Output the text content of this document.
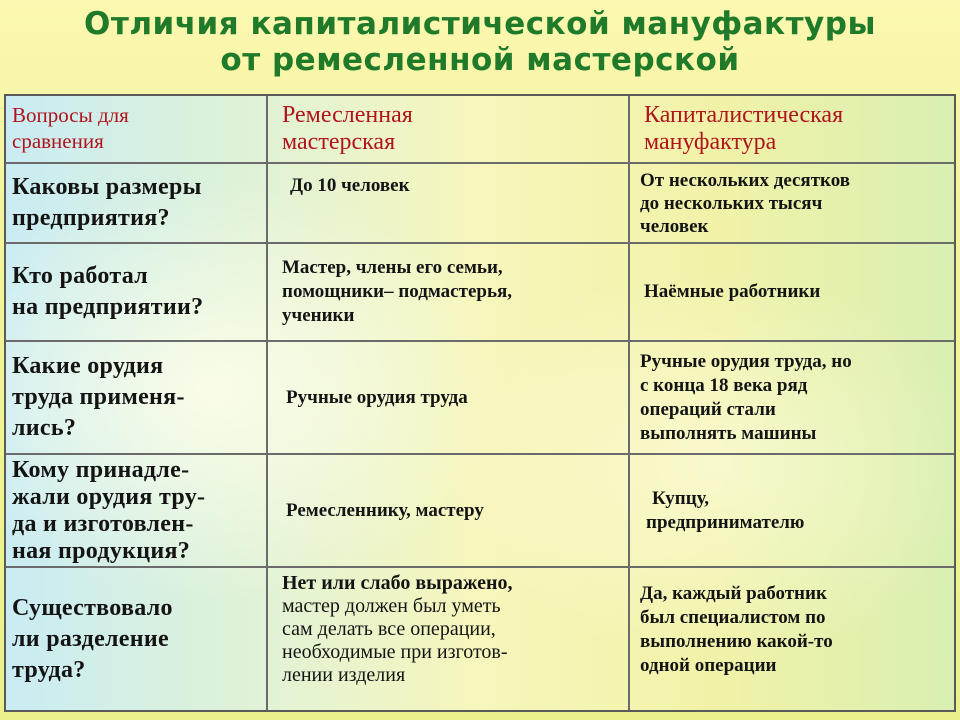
Отличия капиталистической мануфактуры
от ремесленной мастерской
Вопросы для
сравнения
Ремесленная
мастерская
Капиталистическая
мануфактура
Каковы размеры
предприятия?
До 10 человек	От нескольких десятков
до нескольких тысяч
человек
Кто работал
на предприятии?
Мастер, члены его семьи,
помощники– подмастерья,
ученики
Наёмные работники
Какие орудия
труда применя-
лись?
Ручные орудия труда
Ручные орудия труда, но
с конца 18 века ряд
операций стали
выполнять машины
Кому принадле-
жали орудия тру-
да и изготовлен-
ная продукция?
Ремесленнику, мастеру
Купцу,
предпринимателю
Существовало
ли разделение
труда?
Нет или слабо выражено,
мастер должен был уметь
сам делать все операции,
необходимые при изготов-
лении изделия
Да, каждый работник
был специалистом по
выполнению какой-то
одной операции
